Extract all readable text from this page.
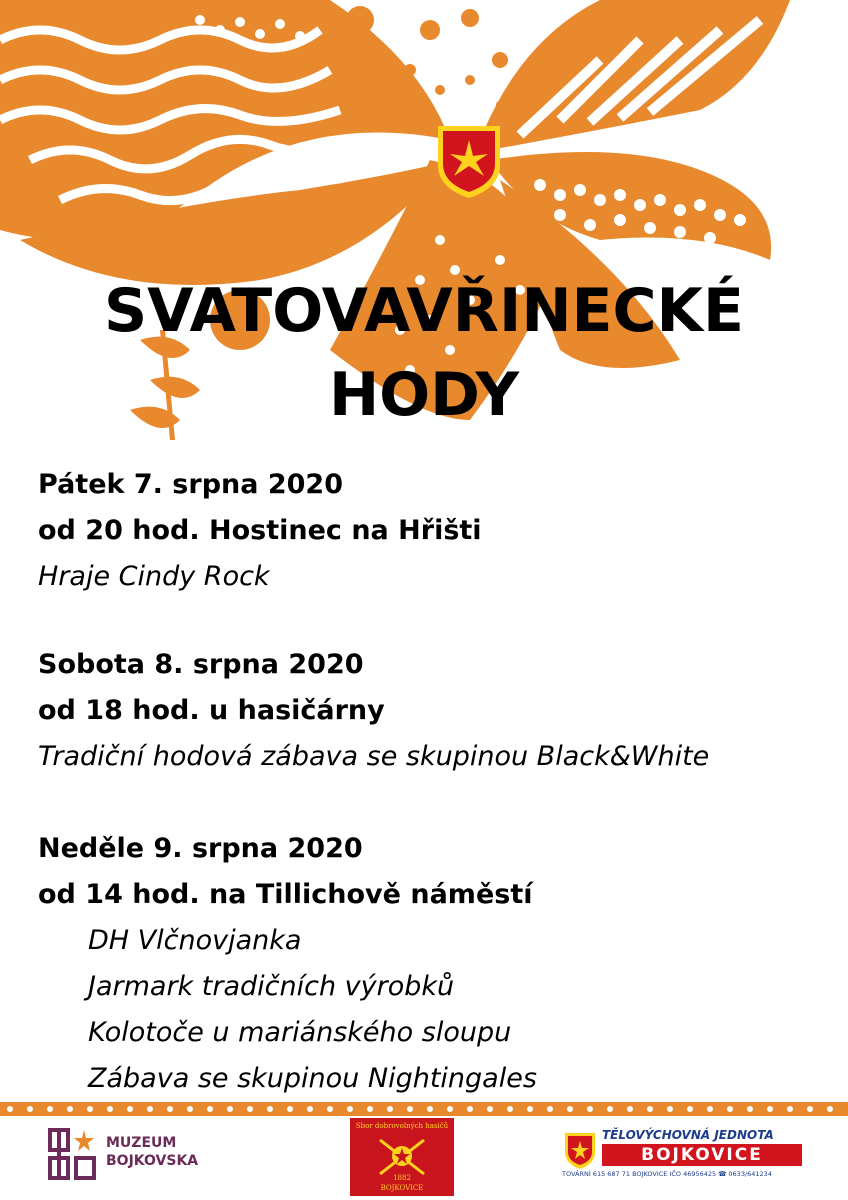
SVATOVAVŘINECKÉ
HODY
Pátek 7. srpna 2020
od 20 hod. Hostinec na Hřišti
Hraje Cindy Rock
Sobota 8. srpna 2020
od 18 hod. u hasičárny
Tradiční hodová zábava se skupinou Black&White
Neděle 9. srpna 2020
od 14 hod. na Tillichově náměstí
DH Vlčnovjanka
Jarmark tradičních výrobků
Kolotoče u mariánského sloupu
Zábava se skupinou Nightingales
MUZEUM
BOJKOVSKA
Sbor dobrovolných hasičů
1882
BOJKOVICE
TĚLOVÝCHOVNÁ JEDNOTA
BOJKOVICE
TOVÁRNÍ 615 687 71 BOJKOVICE IČO 46956425 ☎ 0633/641234
